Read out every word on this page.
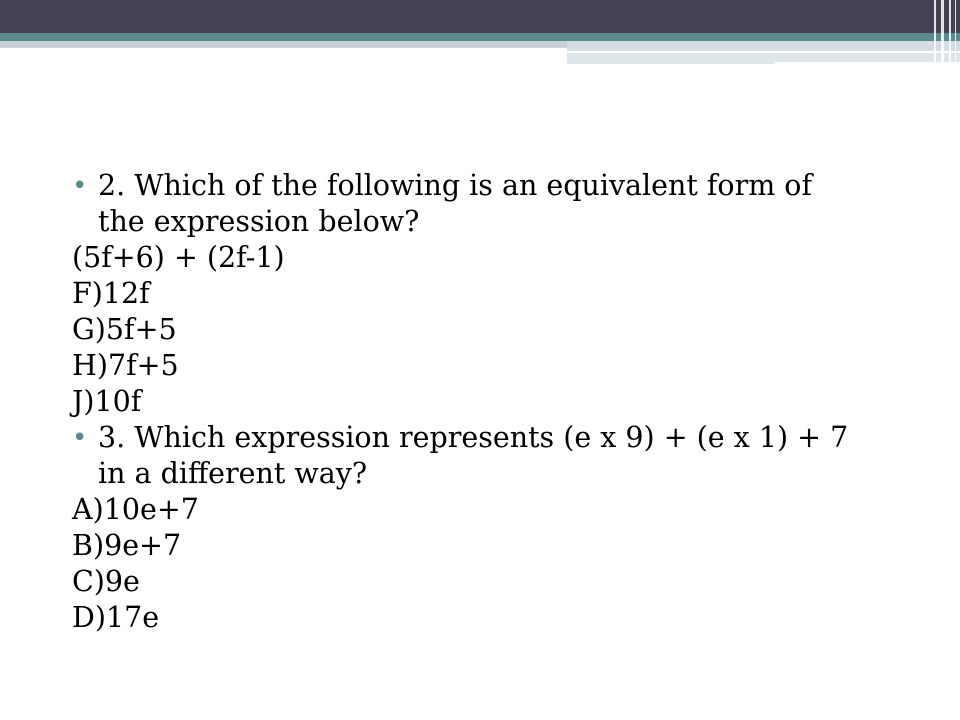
• 2. Which of the following is an equivalent form of
the expression below?
(5f+6) + (2f-1)
F)12f
G)5f+5
H)7f+5
J)10f
• 3. Which expression represents (e x 9) + (e x 1) + 7
in a different way?
A)10e+7
B)9e+7
C)9e
D)17e
